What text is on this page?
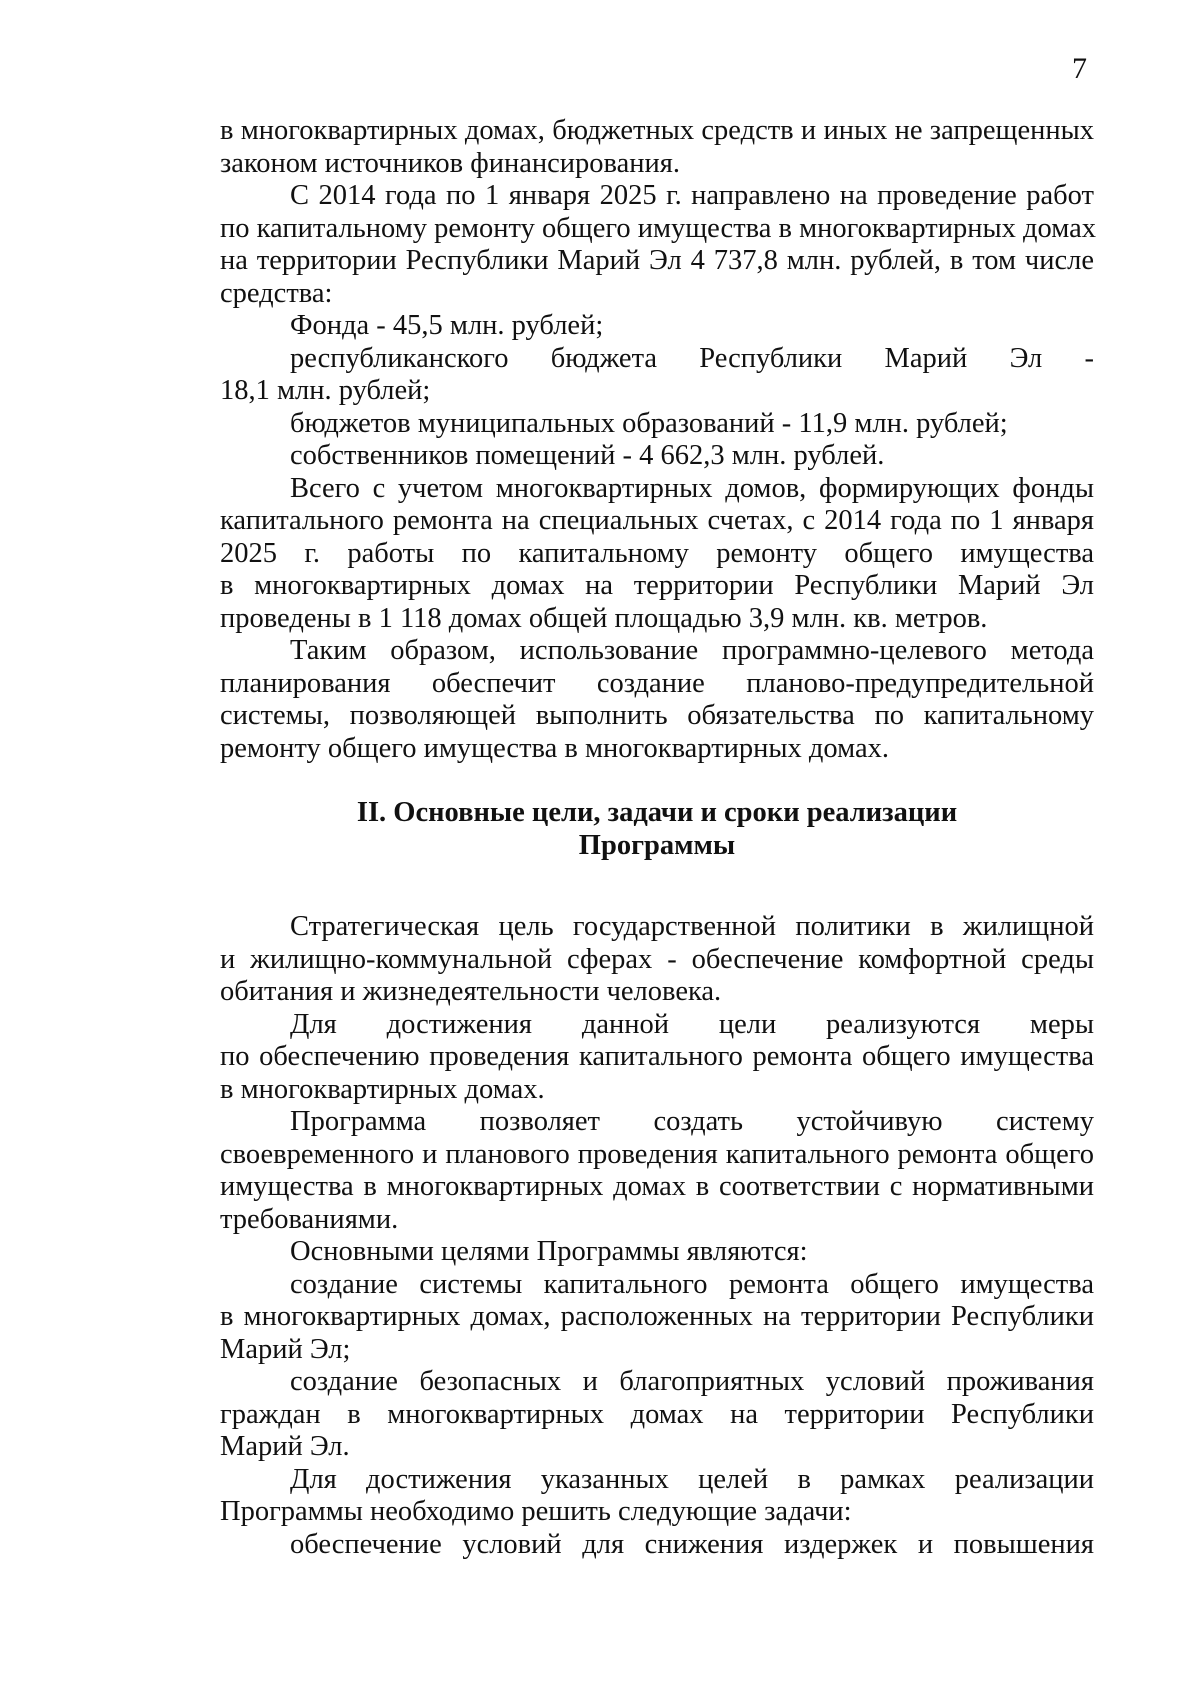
7
в многоквартирных домах, бюджетных средств и иных не запрещенных
законом источников финансирования.
С 2014 года по 1 января 2025 г. направлено на проведение работ
по капитальному ремонту общего имущества в многоквартирных домах
на территории Республики Марий Эл 4 737,8 млн. рублей, в том числе
средства:
Фонда - 45,5 млн. рублей;
республиканского бюджета Республики Марий Эл -
18,1 млн. рублей;
бюджетов муниципальных образований - 11,9 млн. рублей;
собственников помещений - 4 662,3 млн. рублей.
Всего с учетом многоквартирных домов, формирующих фонды
капитального ремонта на специальных счетах, с 2014 года по 1 января
2025 г. работы по капитальному ремонту общего имущества
в многоквартирных домах на территории Республики Марий Эл
проведены в 1 118 домах общей площадью 3,9 млн. кв. метров.
Таким образом, использование программно-целевого метода
планирования обеспечит создание планово-предупредительной
системы, позволяющей выполнить обязательства по капитальному
ремонту общего имущества в многоквартирных домах.
II. Основные цели, задачи и сроки реализации
Программы
Стратегическая цель государственной политики в жилищной
и жилищно-коммунальной сферах - обеспечение комфортной среды
обитания и жизнедеятельности человека.
Для достижения данной цели реализуются меры
по обеспечению проведения капитального ремонта общего имущества
в многоквартирных домах.
Программа позволяет создать устойчивую систему
своевременного и планового проведения капитального ремонта общего
имущества в многоквартирных домах в соответствии с нормативными
требованиями.
Основными целями Программы являются:
создание системы капитального ремонта общего имущества
в многоквартирных домах, расположенных на территории Республики
Марий Эл;
создание безопасных и благоприятных условий проживания
граждан в многоквартирных домах на территории Республики
Марий Эл.
Для достижения указанных целей в рамках реализации
Программы необходимо решить следующие задачи:
обеспечение условий для снижения издержек и повышения
